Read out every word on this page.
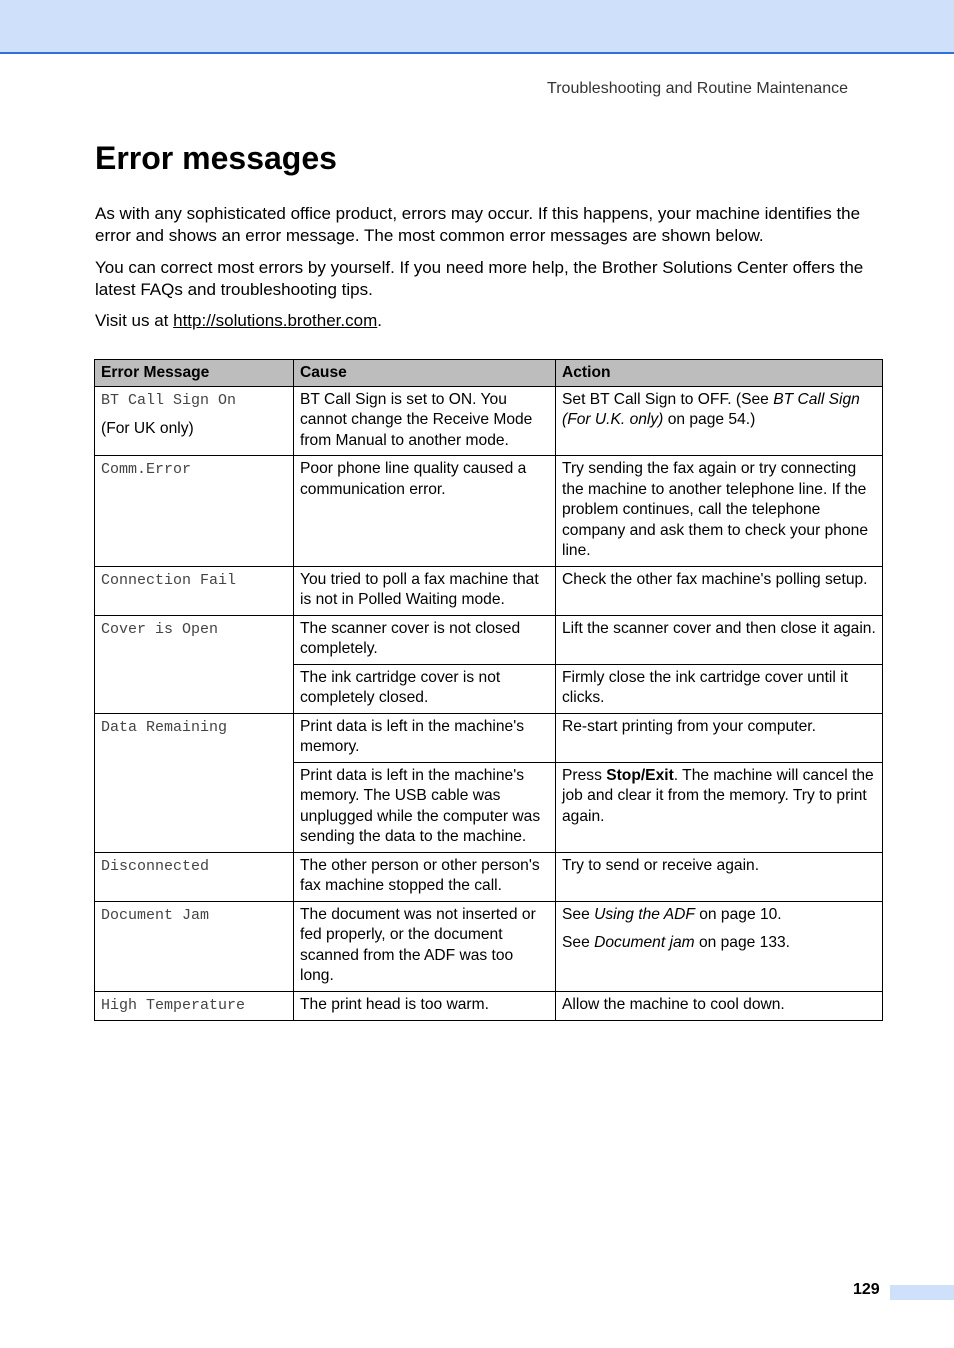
Troubleshooting and Routine Maintenance
Error messages

As with any sophisticated office product, errors may occur. If this happens, your machine identifies the error and shows an error message. The most common error messages are shown below.

You can correct most errors by yourself. If you need more help, the Brother Solutions Center offers the latest FAQs and troubleshooting tips.

Visit us at http://solutions.brother.com.

Error Message	Cause	Action

BT Call Sign On
(For UK only)	BT Call Sign is set to ON. You cannot change the Receive Mode from Manual to another mode.	Set BT Call Sign to OFF. (See BT Call Sign (For U.K. only) on page 54.)

Comm.Error	Poor phone line quality caused a communication error.	Try sending the fax again or try connecting the machine to another telephone line. If the problem continues, call the telephone company and ask them to check your phone line.

Connection Fail	You tried to poll a fax machine that is not in Polled Waiting mode.	Check the other fax machine's polling setup.

Cover is Open	The scanner cover is not closed completely.	Lift the scanner cover and then close it again.
	The ink cartridge cover is not completely closed.	Firmly close the ink cartridge cover until it clicks.

Data Remaining	Print data is left in the machine's memory.	Re-start printing from your computer.
	Print data is left in the machine's memory. The USB cable was unplugged while the computer was sending the data to the machine.	Press Stop/Exit. The machine will cancel the job and clear it from the memory. Try to print again.

Disconnected	The other person or other person's fax machine stopped the call.	Try to send or receive again.

Document Jam	The document was not inserted or fed properly, or the document scanned from the ADF was too long.	See Using the ADF on page 10.
See Document jam on page 133.

High Temperature	The print head is too warm.	Allow the machine to cool down.
129
